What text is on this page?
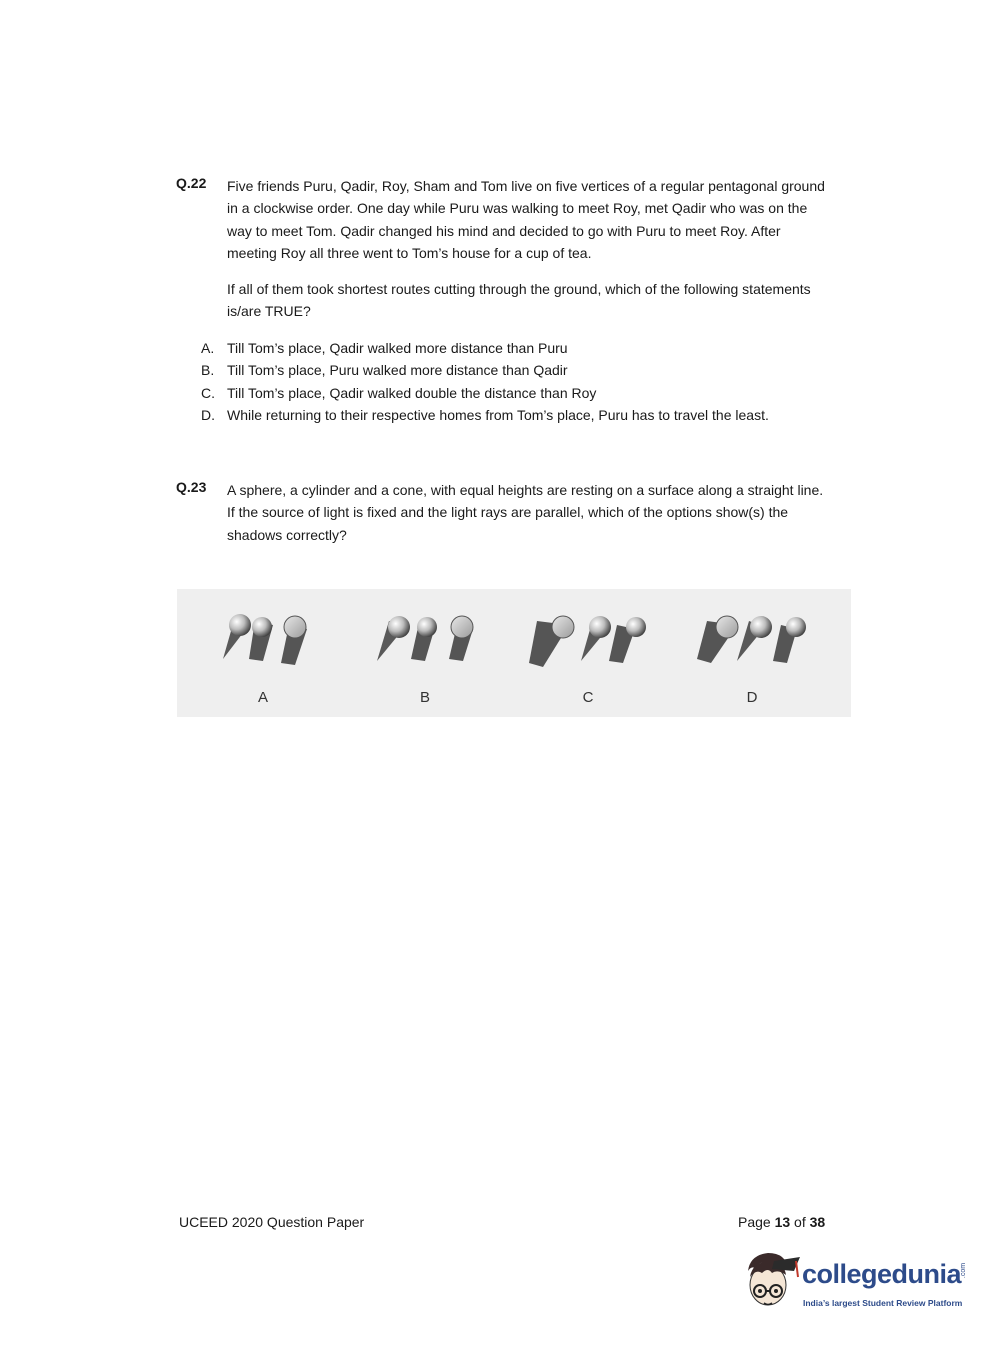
Q.22 Five friends Puru, Qadir, Roy, Sham and Tom live on five vertices of a regular pentagonal ground in a clockwise order. One day while Puru was walking to meet Roy, met Qadir who was on the way to meet Tom. Qadir changed his mind and decided to go with Puru to meet Roy. After meeting Roy all three went to Tom’s house for a cup of tea.

If all of them took shortest routes cutting through the ground, which of the following statements is/are TRUE?

A. Till Tom’s place, Qadir walked more distance than Puru
B. Till Tom’s place, Puru walked more distance than Qadir
C. Till Tom’s place, Qadir walked double the distance than Roy
D. While returning to their respective homes from Tom’s place, Puru has to travel the least.
Q.23 A sphere, a cylinder and a cone, with equal heights are resting on a surface along a straight line. If the source of light is fixed and the light rays are parallel, which of the options show(s) the shadows correctly?
A	B	C	D
UCEED 2020 Question Paper	Page 13 of 38
collegedunia .com
India’s largest Student Review Platform
